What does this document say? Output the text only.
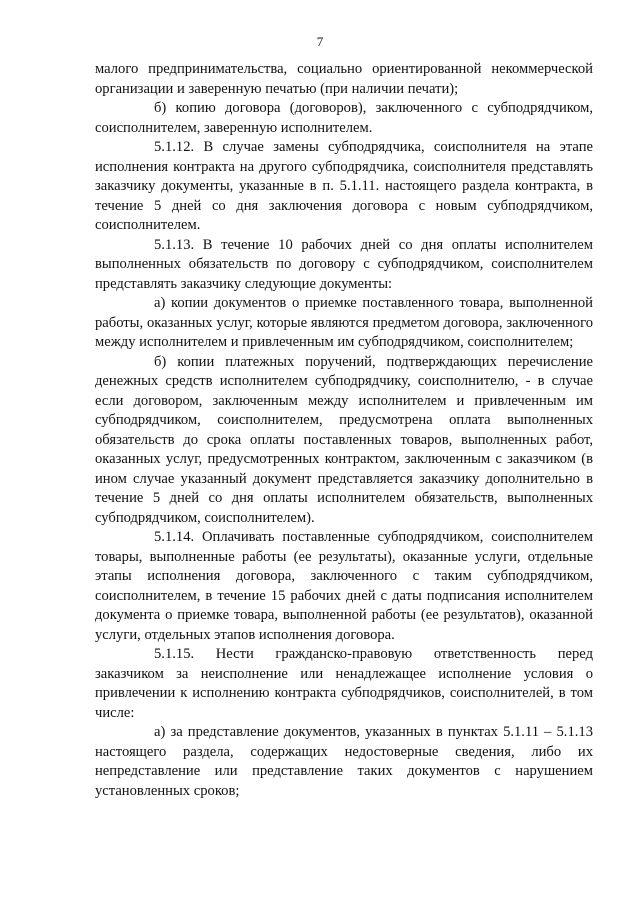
7

малого предпринимательства, социально ориентированной некоммерческой организации и заверенную печатью (при наличии печати);

б) копию договора (договоров), заключенного с субподрядчиком, соисполнителем, заверенную исполнителем.

5.1.12. В случае замены субподрядчика, соисполнителя на этапе исполнения контракта на другого субподрядчика, соисполнителя представлять заказчику документы, указанные в п. 5.1.11. настоящего раздела контракта, в течение 5 дней со дня заключения договора с новым субподрядчиком, соисполнителем.

5.1.13. В течение 10 рабочих дней со дня оплаты исполнителем выполненных обязательств по договору с субподрядчиком, соисполнителем представлять заказчику следующие документы:

а) копии документов о приемке поставленного товара, выполненной работы, оказанных услуг, которые являются предметом договора, заключенного между исполнителем и привлеченным им субподрядчиком, соисполнителем;

б) копии платежных поручений, подтверждающих перечисление денежных средств исполнителем субподрядчику, соисполнителю, - в случае если договором, заключенным между исполнителем и привлеченным им субподрядчиком, соисполнителем, предусмотрена оплата выполненных обязательств до срока оплаты поставленных товаров, выполненных работ, оказанных услуг, предусмотренных контрактом, заключенным с заказчиком (в ином случае указанный документ представляется заказчику дополнительно в течение 5 дней со дня оплаты исполнителем обязательств, выполненных субподрядчиком, соисполнителем).

5.1.14. Оплачивать поставленные субподрядчиком, соисполнителем товары, выполненные работы (ее результаты), оказанные услуги, отдельные этапы исполнения договора, заключенного с таким субподрядчиком, соисполнителем, в течение 15 рабочих дней с даты подписания исполнителем документа о приемке товара, выполненной работы (ее результатов), оказанной услуги, отдельных этапов исполнения договора.

5.1.15. Нести гражданско-правовую ответственность перед заказчиком за неисполнение или ненадлежащее исполнение условия о привлечении к исполнению контракта субподрядчиков, соисполнителей, в том числе:

а) за представление документов, указанных в пунктах 5.1.11 – 5.1.13 настоящего раздела, содержащих недостоверные сведения, либо их непредставление или представление таких документов с нарушением установленных сроков;
